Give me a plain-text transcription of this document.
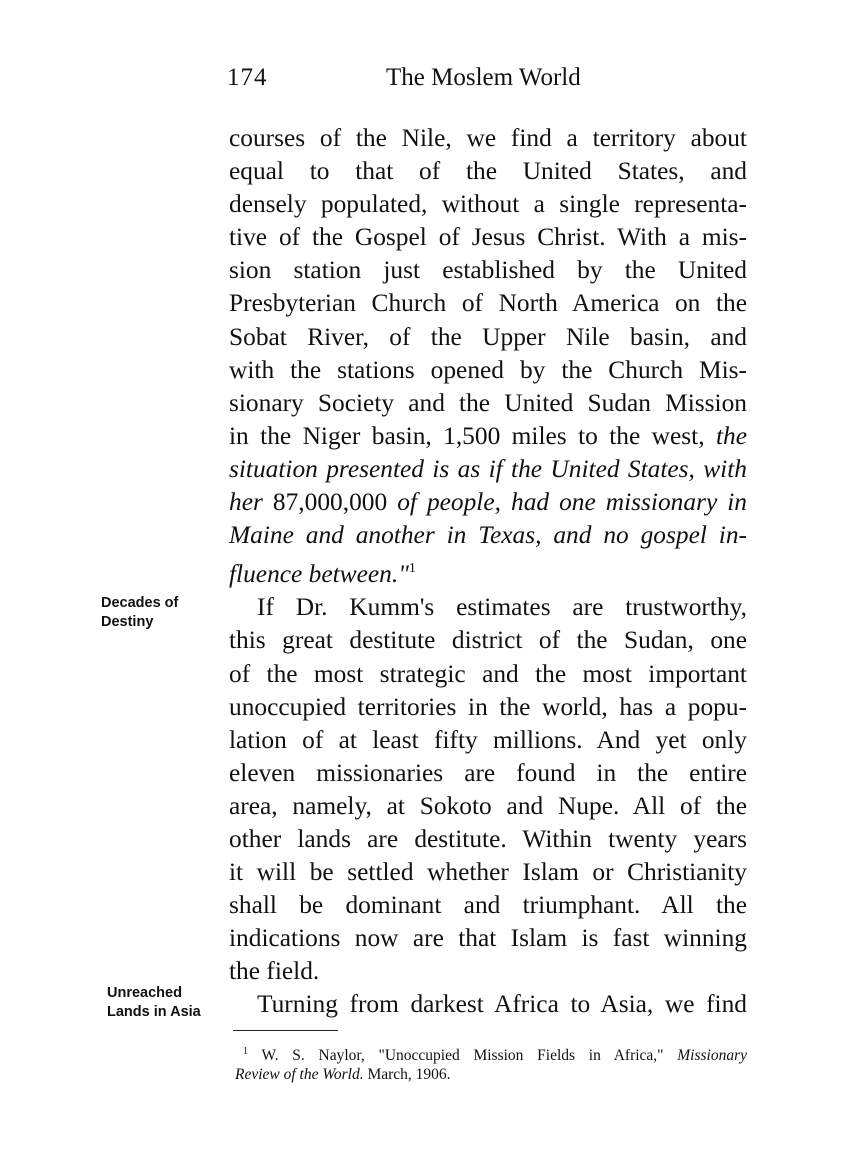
174	The Moslem World
courses of the Nile, we find a territory about
equal to that of the United States, and
densely populated, without a single representa-
tive of the Gospel of Jesus Christ. With a mis-
sion station just established by the United
Presbyterian Church of North America on the
Sobat River, of the Upper Nile basin, and
with the stations opened by the Church Mis-
sionary Society and the United Sudan Mission
in the Niger basin, 1,500 miles to the west, the
situation presented is as if the United States, with
her 87,000,000 of people, had one missionary in
Maine and another in Texas, and no gospel in-
fluence between."$^1$
If Dr. Kumm's estimates are trustworthy,
this great destitute district of the Sudan, one
of the most strategic and the most important
unoccupied territories in the world, has a popu-
lation of at least fifty millions. And yet only
eleven missionaries are found in the entire
area, namely, at Sokoto and Nupe. All of the
other lands are destitute. Within twenty years
it will be settled whether Islam or Christianity
shall be dominant and triumphant. All the
indications now are that Islam is fast winning
the field.
Turning from darkest Africa to Asia, we find
Decades of
Destiny
Unreached
Lands in Asia
$^1$ W. S. Naylor, "Unoccupied Mission Fields in Africa," Missionary
Review of the World. March, 1906.
